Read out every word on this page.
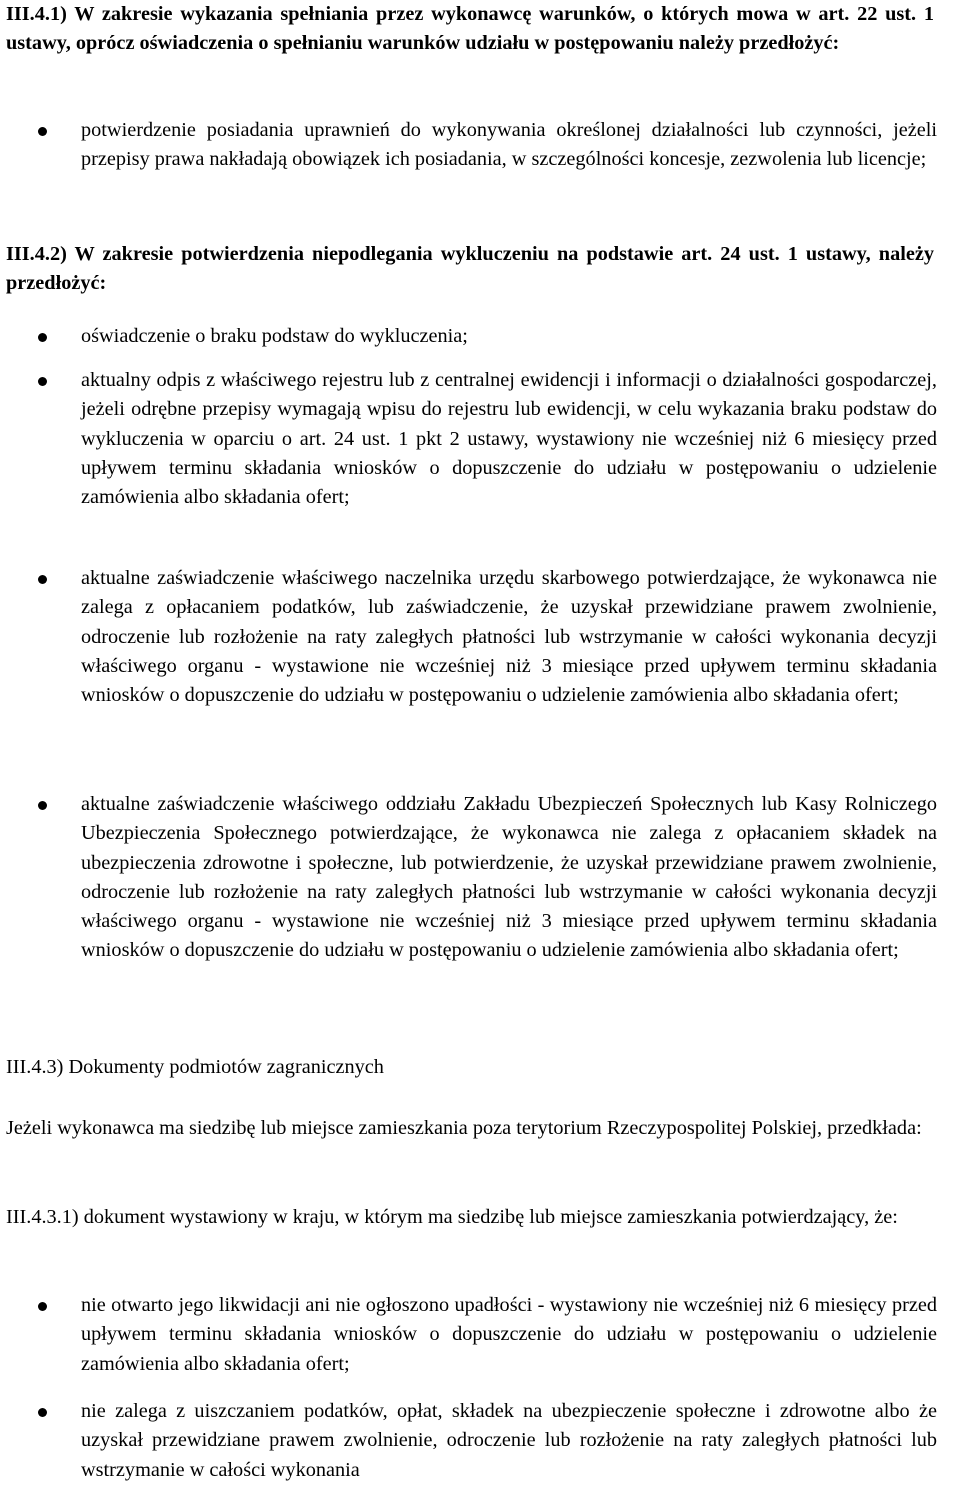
III.4.1) W zakresie wykazania spełniania przez wykonawcę warunków, o których mowa w art. 22 ust. 1 ustawy, oprócz oświadczenia o spełnianiu warunków udziału w postępowaniu należy przedłożyć:

potwierdzenie posiadania uprawnień do wykonywania określonej działalności lub czynności, jeżeli przepisy prawa nakładają obowiązek ich posiadania, w szczególności koncesje, zezwolenia lub licencje;

III.4.2) W zakresie potwierdzenia niepodlegania wykluczeniu na podstawie art. 24 ust. 1 ustawy, należy przedłożyć:

oświadczenie o braku podstaw do wykluczenia;

aktualny odpis z właściwego rejestru lub z centralnej ewidencji i informacji o działalności gospodarczej, jeżeli odrębne przepisy wymagają wpisu do rejestru lub ewidencji, w celu wykazania braku podstaw do wykluczenia w oparciu o art. 24 ust. 1 pkt 2 ustawy, wystawiony nie wcześniej niż 6 miesięcy przed upływem terminu składania wniosków o dopuszczenie do udziału w postępowaniu o udzielenie zamówienia albo składania ofert;

aktualne zaświadczenie właściwego naczelnika urzędu skarbowego potwierdzające, że wykonawca nie zalega z opłacaniem podatków, lub zaświadczenie, że uzyskał przewidziane prawem zwolnienie, odroczenie lub rozłożenie na raty zaległych płatności lub wstrzymanie w całości wykonania decyzji właściwego organu - wystawione nie wcześniej niż 3 miesiące przed upływem terminu składania wniosków o dopuszczenie do udziału w postępowaniu o udzielenie zamówienia albo składania ofert;

aktualne zaświadczenie właściwego oddziału Zakładu Ubezpieczeń Społecznych lub Kasy Rolniczego Ubezpieczenia Społecznego potwierdzające, że wykonawca nie zalega z opłacaniem składek na ubezpieczenia zdrowotne i społeczne, lub potwierdzenie, że uzyskał przewidziane prawem zwolnienie, odroczenie lub rozłożenie na raty zaległych płatności lub wstrzymanie w całości wykonania decyzji właściwego organu - wystawione nie wcześniej niż 3 miesiące przed upływem terminu składania wniosków o dopuszczenie do udziału w postępowaniu o udzielenie zamówienia albo składania ofert;

III.4.3) Dokumenty podmiotów zagranicznych

Jeżeli wykonawca ma siedzibę lub miejsce zamieszkania poza terytorium Rzeczypospolitej Polskiej, przedkłada:

III.4.3.1) dokument wystawiony w kraju, w którym ma siedzibę lub miejsce zamieszkania potwierdzający, że:

nie otwarto jego likwidacji ani nie ogłoszono upadłości - wystawiony nie wcześniej niż 6 miesięcy przed upływem terminu składania wniosków o dopuszczenie do udziału w postępowaniu o udzielenie zamówienia albo składania ofert;

nie zalega z uiszczaniem podatków, opłat, składek na ubezpieczenie społeczne i zdrowotne albo że uzyskał przewidziane prawem zwolnienie, odroczenie lub rozłożenie na raty zaległych płatności lub wstrzymanie w całości wykonania
